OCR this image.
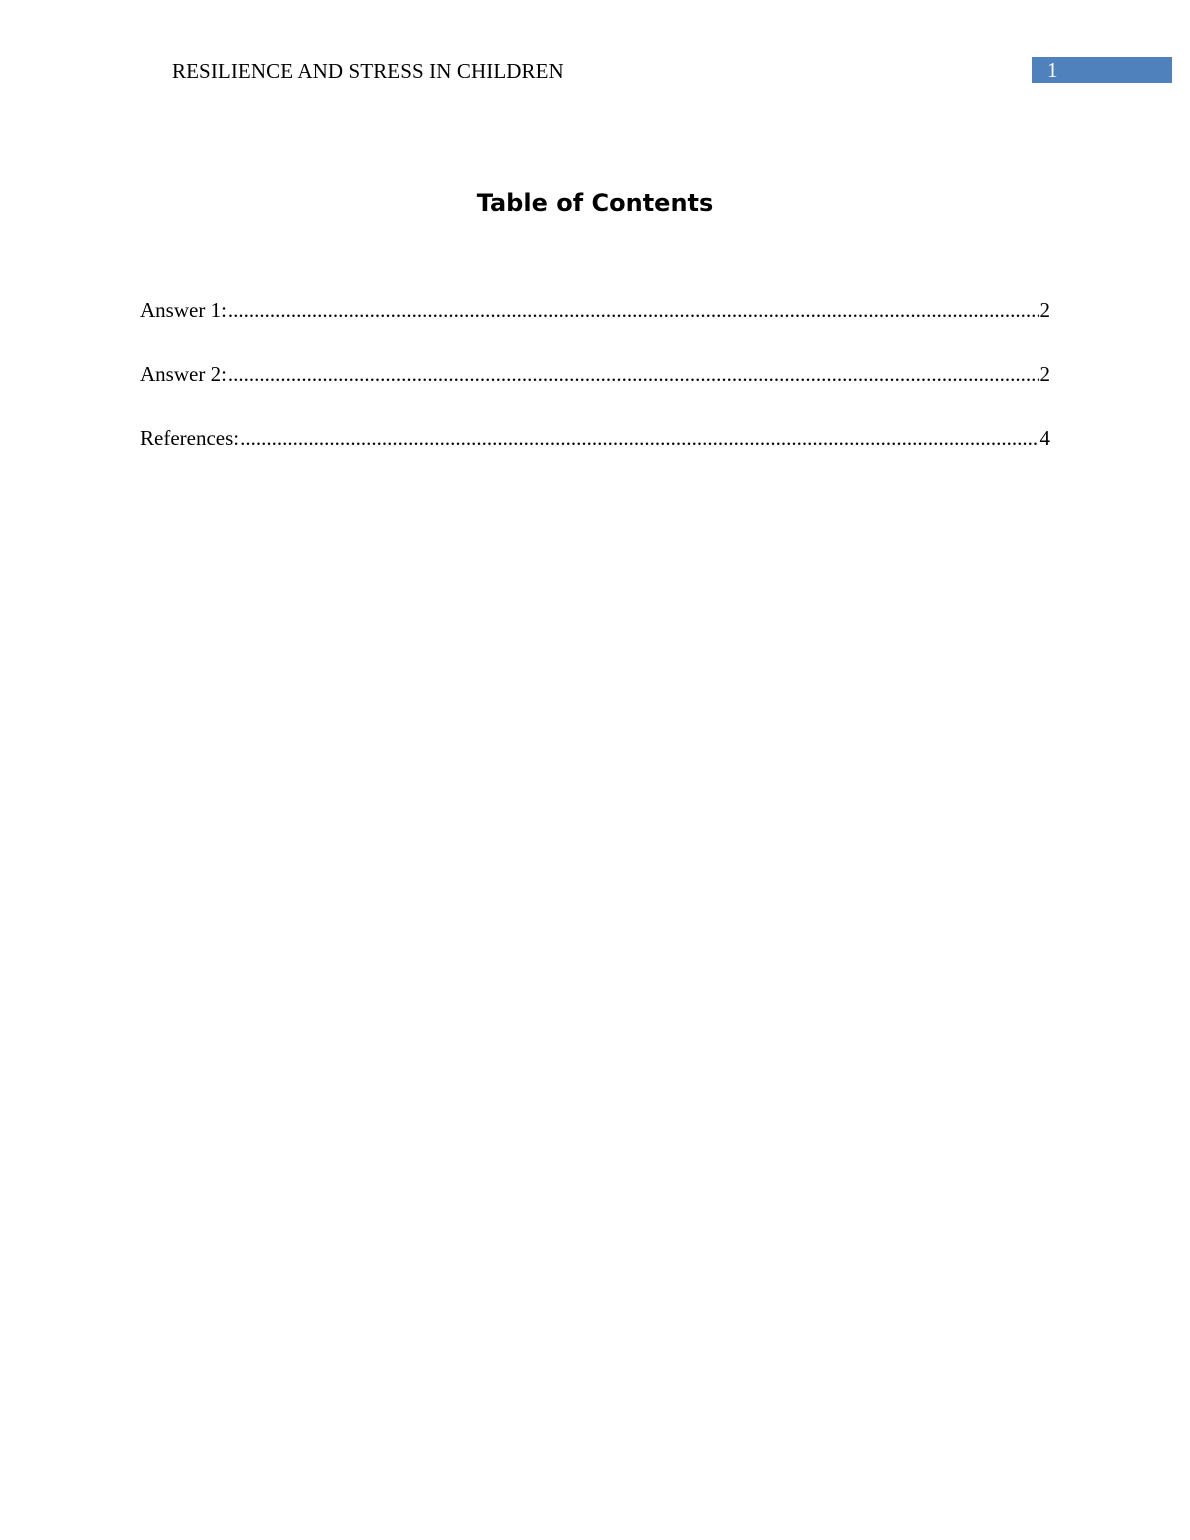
RESILIENCE AND STRESS IN CHILDREN	1
Table of Contents
Answer 1: .....	2
Answer 2: .....	2
References: .....	4
